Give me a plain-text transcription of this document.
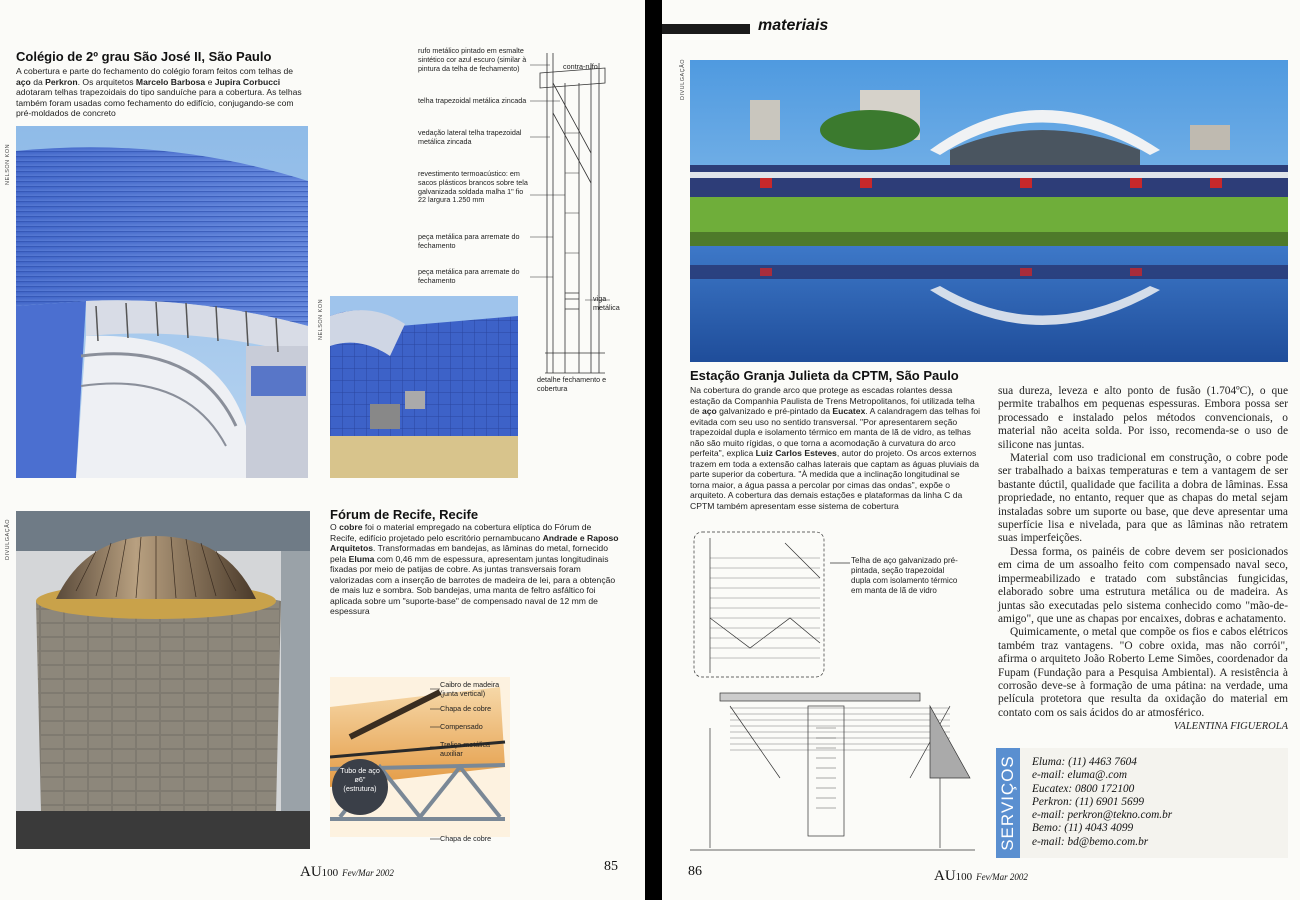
Colégio de 2º grau São José II, São Paulo
A cobertura e parte do fechamento do colégio foram feitos com telhas de aço da Perkron. Os arquitetos Marcelo Barbosa e Jupira Corbucci adotaram telhas trapezoidais do tipo sanduíche para a cobertura. As telhas também foram usadas como fechamento do edifício, conjugando-se com pré-moldados de concreto
NELSON KON
NELSON KON
rufo metálico pintado em esmalte sintético cor azul escuro (similar à pintura da telha de fechamento)	contra-rufo
telha trapezoidal metálica zincada
vedação lateral telha trapezoidal metálica zincada
revestimento termoacústico: em sacos plásticos brancos sobre tela galvanizada soldada malha 1" fio 22 largura 1.250 mm
peça metálica para arremate do fechamento
peça metálica para arremate do fechamento
viga metálica
detalhe fechamento e cobertura
Fórum de Recife, Recife
O cobre foi o material empregado na cobertura elíptica do Fórum de Recife, edifício projetado pelo escritório pernambucano Andrade e Raposo Arquitetos. Transformadas em bandejas, as lâminas do metal, fornecido pela Eluma com 0,46 mm de espessura, apresentam juntas longitudinais fixadas por meio de patijas de cobre. As juntas transversais foram valorizadas com a inserção de barrotes de madeira de lei, para a obtenção de mais luz e sombra. Sob bandejas, uma manta de feltro asfáltico foi aplicada sobre um "suporte-base" de compensado naval de 12 mm de espessura
DIVULGAÇÃO
Caibro de madeira (junta vertical)
Chapa de cobre
Compensado
Treliça metálica auxiliar
Tubo de aço ø6" (estrutura)
Chapa de cobre
AU100 Fev/Mar 2002	85
materiais
DIVULGAÇÃO
Estação Granja Julieta da CPTM, São Paulo
Na cobertura do grande arco que protege as escadas rolantes dessa estação da Companhia Paulista de Trens Metropolitanos, foi utilizada telha de aço galvanizado e pré-pintado da Eucatex. A calandragem das telhas foi evitada com seu uso no sentido transversal. "Por apresentarem seção trapezoidal dupla e isolamento térmico em manta de lã de vidro, as telhas não são muito rígidas, o que torna a acomodação à curvatura do arco perfeita", explica Luiz Carlos Esteves, autor do projeto. Os arcos externos trazem em toda a extensão calhas laterais que captam as águas pluviais da parte superior da cobertura. "À medida que a inclinação longitudinal se torna maior, a água passa a percolar por cimas das ondas", expõe o arquiteto. A cobertura das demais estações e plataformas da linha C da CPTM também apresentam esse sistema de cobertura
Telha de aço galvanizado pré-pintada, seção trapezoidal dupla com isolamento térmico em manta de lã de vidro

sua dureza, leveza e alto ponto de fusão (1.704ºC), o que permite trabalhos em pequenas espessuras. Embora possa ser processado e instalado pelos métodos convencionais, o material não aceita solda. Por isso, recomenda-se o uso de silicone nas juntas.

Material com uso tradicional em construção, o cobre pode ser trabalhado a baixas temperaturas e tem a vantagem de ser bastante dúctil, qualidade que facilita a dobra de lâminas. Essa propriedade, no entanto, requer que as chapas do metal sejam instaladas sobre um suporte ou base, que deve apresentar uma superfície lisa e nivelada, para que as lâminas não retratem suas imperfeições.

Dessa forma, os painéis de cobre devem ser posicionados em cima de um assoalho feito com compensado naval seco, impermeabilizado e tratado com substâncias fungicidas, elaborado sobre uma estrutura metálica ou de madeira. As juntas são executadas pelo sistema conhecido como "mão-de-amigo", que une as chapas por encaixes, dobras e achatamento.

Quimicamente, o metal que compõe os fios e cabos elétricos também traz vantagens. "O cobre oxida, mas não corrói", afirma o arquiteto João Roberto Leme Simões, coordenador da Fupam (Fundação para a Pesquisa Ambiental). A resistência à corrosão deve-se à formação de uma pátina: na verdade, uma película protetora que resulta da oxidação do material em contato com os sais ácidos do ar atmosférico.

VALENTINA FIGUEROLA
SERVIÇOS Eluma: (11) 4463 7604
e-mail: eluma@.com
Eucatex: 0800 172100
Perkron: (11) 6901 5699
e-mail: perkron@tekno.com.br
Bemo: (11) 4043 4099
e-mail: bd@bemo.com.br
86	AU100 Fev/Mar 2002
